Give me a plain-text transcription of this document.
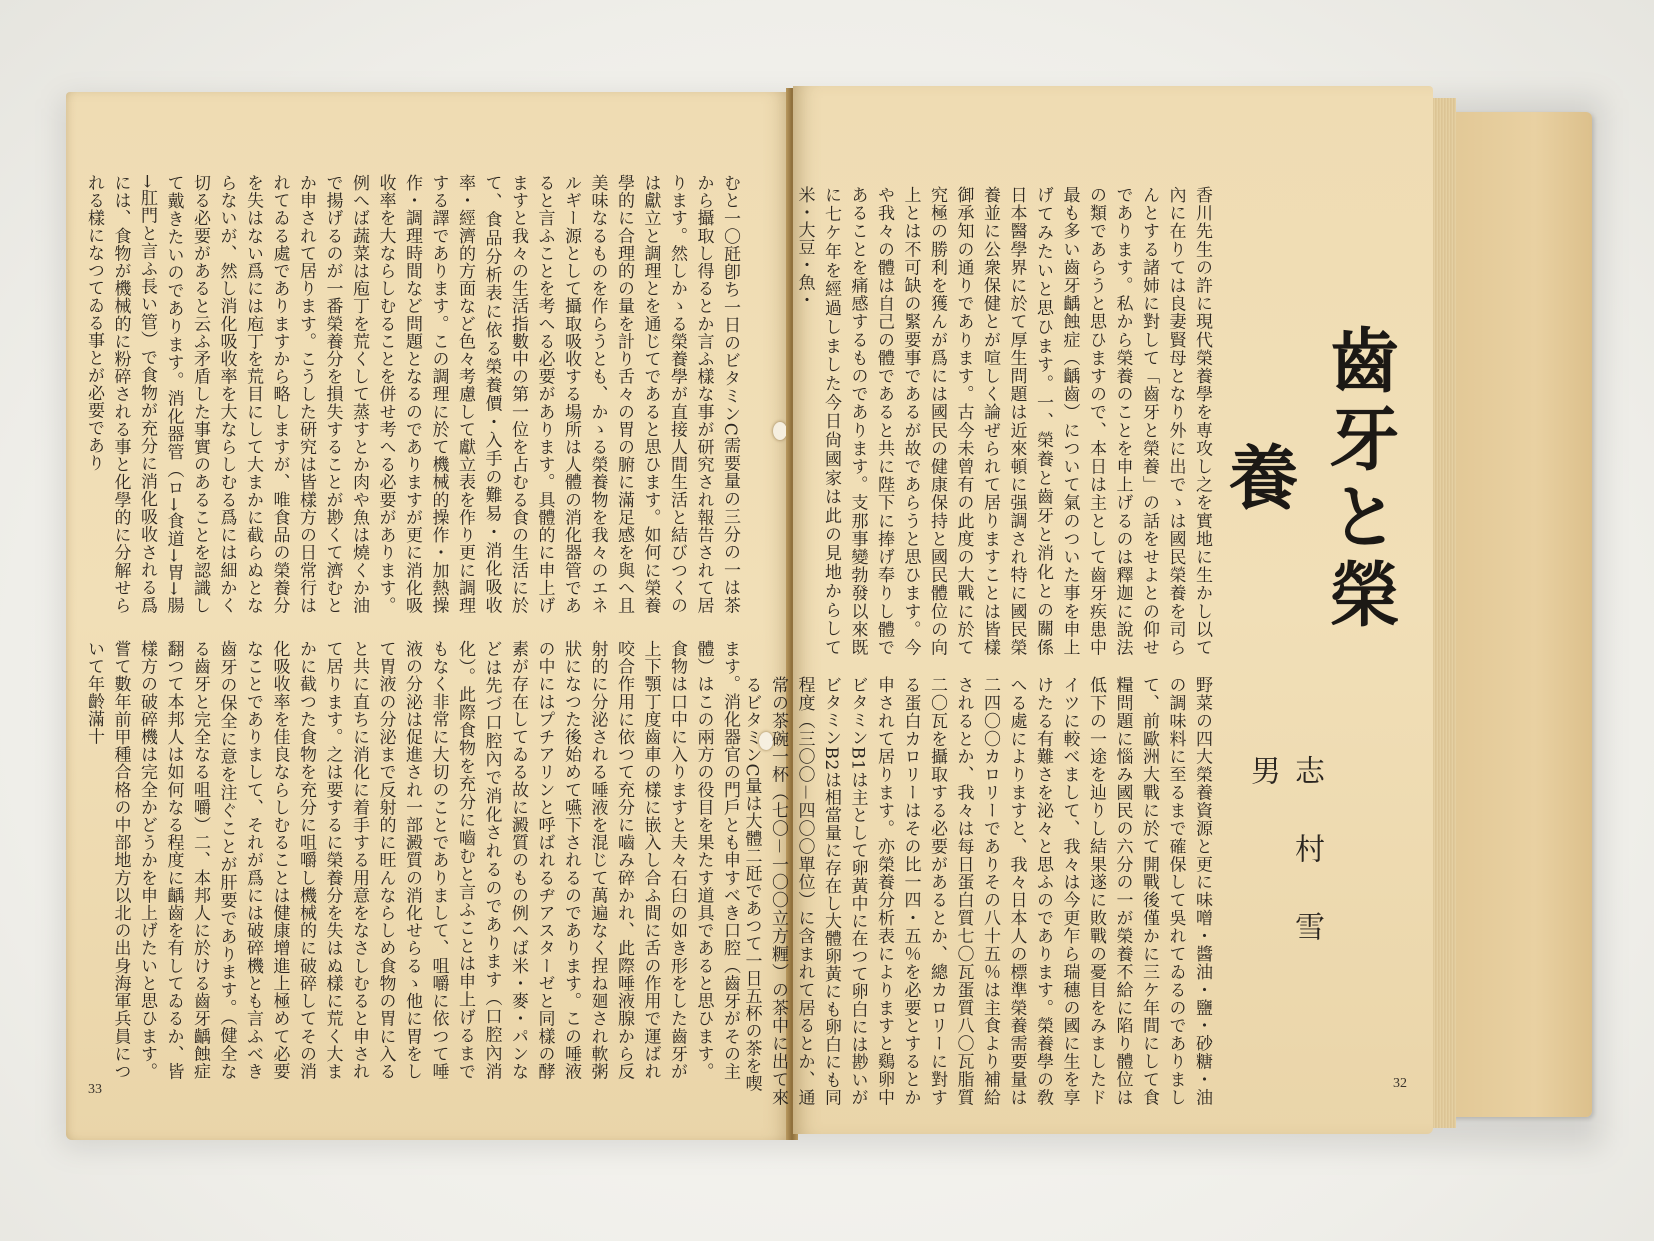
むと一〇瓩卽ち一日のビタミンC需要量の三分の一は茶から攝取し得るとか言ふ樣な事が研究され報告されて居ります。然しかゝる榮養學が直接人間生活と結びつくのは獻立と調理とを通じてであると思ひます。如何に榮養學的に合理的の量を計り舌々の胃の腑に滿足感を與へ且美味なるものを作らうとも、かゝる榮養物を我々のエネルギー源として攝取吸收する場所は人體の消化器管であると言ふことを考へる必要があります。具體的に申上げますと我々の生活指數中の第一位を占むる食の生活に於て、食品分析表に依る榮養價・入手の難易・消化吸收率・經濟的方面など色々考慮して獻立表を作り更に調理する譯であります。この調理に於て機械的操作・加熱操作・調理時間など問題となるのでありますが更に消化吸收率を大ならしむることを併せ考へる必要があります。例へば蔬菜は庖丁を荒くして蒸すとか肉や魚は燒くか油で揚げるのが一番榮養分を損失することが尠くて濟むとか申されて居ります。こうした硏究は皆樣方の日常行はれてゐる處でありますから略しますが、唯食品の榮養分を失はない爲には庖丁を荒目にして大まかに截らぬとならないが、然し消化吸收率を大ならしむる爲には細かく切る必要があると云ふ矛盾した事實のあることを認識して戴きたいのであります。消化器管（ロ→食道→胃→腸→肛門と言ふ長い管）で食物が充分に消化吸收される爲には、食物が機械的に粉碎される事と化學的に分解せられる樣になつてゐる事とが必要であり
ます。消化器官の門戶とも申すべき口腔（齒牙がその主體）はこの兩方の役目を果たす道具であると思ひます。食物は口中に入りますと夫々石臼の如き形をした齒牙が上下顎丁度齒車の樣に嵌入し合ふ間に舌の作用で運ばれ咬合作用に依つて充分に嚙み碎かれ、此際唾液腺から反射的に分泌される唾液を混じて萬遍なく捏ね廻され軟粥狀になつた後始めて嚥下されるのであります。この唾液の中にはプチアリンと呼ばれるヂアスターゼと同樣の酵素が存在してゐる故に澱質のもの例へば米・麥・パンなどは先づ口腔內で消化されるのであります（口腔內消化）。此際食物を充分に嚙むと言ふことは申上げるまでもなく非常に大切のことでありまして、咀嚼に依つて唾液の分泌は促進され一部澱質の消化せらるゝ他に胃をして胃液の分泌まで反射的に旺んならしめ食物の胃に入ると共に直ちに消化に着手する用意をなさしむると申されて居ります。之は要するに榮養分を失はぬ樣に荒く大まかに截つた食物を充分に咀嚼し機械的に破碎してその消化吸收率を佳良ならしむることは健康增進上極めて必要なことでありまして、それが爲には破碎機とも言ふべき齒牙の保全に意を注ぐことが肝要であります。（健全なる齒牙と完全なる咀嚼）二、本邦人に於ける齒牙齲蝕症　翻つて本邦人は如何なる程度に齲齒を有してゐるか、皆樣方の破碎機は完全かどうかを申上げたいと思ひます。嘗て數年前甲種合格の中部地方以北の出身海軍兵員について年齡滿十
33
香川先生の許に現代榮養學を専攻し之を實地に生かし以て內に在りては良妻賢母となり外に出でゝは國民榮養を司らんとする諸姉に對して「齒牙と榮養」の話をせよとの仰せであります。私から榮養のことを申上げるのは釋迦に說法の類であらうと思ひますので、本日は主として齒牙疾患中最も多い齒牙齲蝕症（齲齒）について氣のついた事を申上げてみたいと思ひます。一、榮養と齒牙と消化との關係　日本醫學界に於て厚生問題は近來頓に强調され特に國民榮養並に公衆保健とが喧しく論ぜられて居りますことは皆樣御承知の通りであります。古今未曾有の此度の大戰に於て究極の勝利を獲んが爲には國民の健康保持と國民體位の向上とは不可缺の緊要事であるが故であらうと思ひます。今や我々の體は自己の體であると共に陛下に捧げ奉りし體であることを痛感するものであります。支那事變勃發以來既に七ケ年を經過しました今日尙國家は此の見地からして米・大豆・魚・
野菜の四大榮養資源と更に味噌・醬油・鹽・砂糖・油の調味料に至るまで確保して吳れてゐるのでありまして、前歐洲大戰に於て開戰後僅かに三ケ年間にして食糧問題に惱み國民の六分の一が榮養不給に陷り體位は低下の一途を辿りし結果遂に敗戰の憂目をみましたドイツに較べまして、我々は今更乍ら瑞穗の國に生を享けたる有難さを泌々と思ふのであります。榮養學の敎へる處によりますと、我々日本人の標準榮養需要量は二四〇〇カロリーでありその八十五％は主食より補給されるとか、我々は每日蛋白質七〇瓦蛋質八〇瓦脂質二〇瓦を攝取する必要があるとか、總カロリーに對する蛋白カロリーはその比一四・五％を必要とするとか申されて居ります。亦榮養分析表によりますと鷄卵中ビタミンB1は主として卵黃中に在つて卵白には尠いがビタミンB2は相當量に存在し大體卵黃にも卵白にも同程度（三〇〇－四〇〇單位）に含まれて居るとか、通常の茶碗一杯（七〇－一〇〇立方糎）の茶中に出て來るビタミンC量は大體二瓩であつて一日五杯の茶を喫	32
齒牙と榮養
志村雪男
